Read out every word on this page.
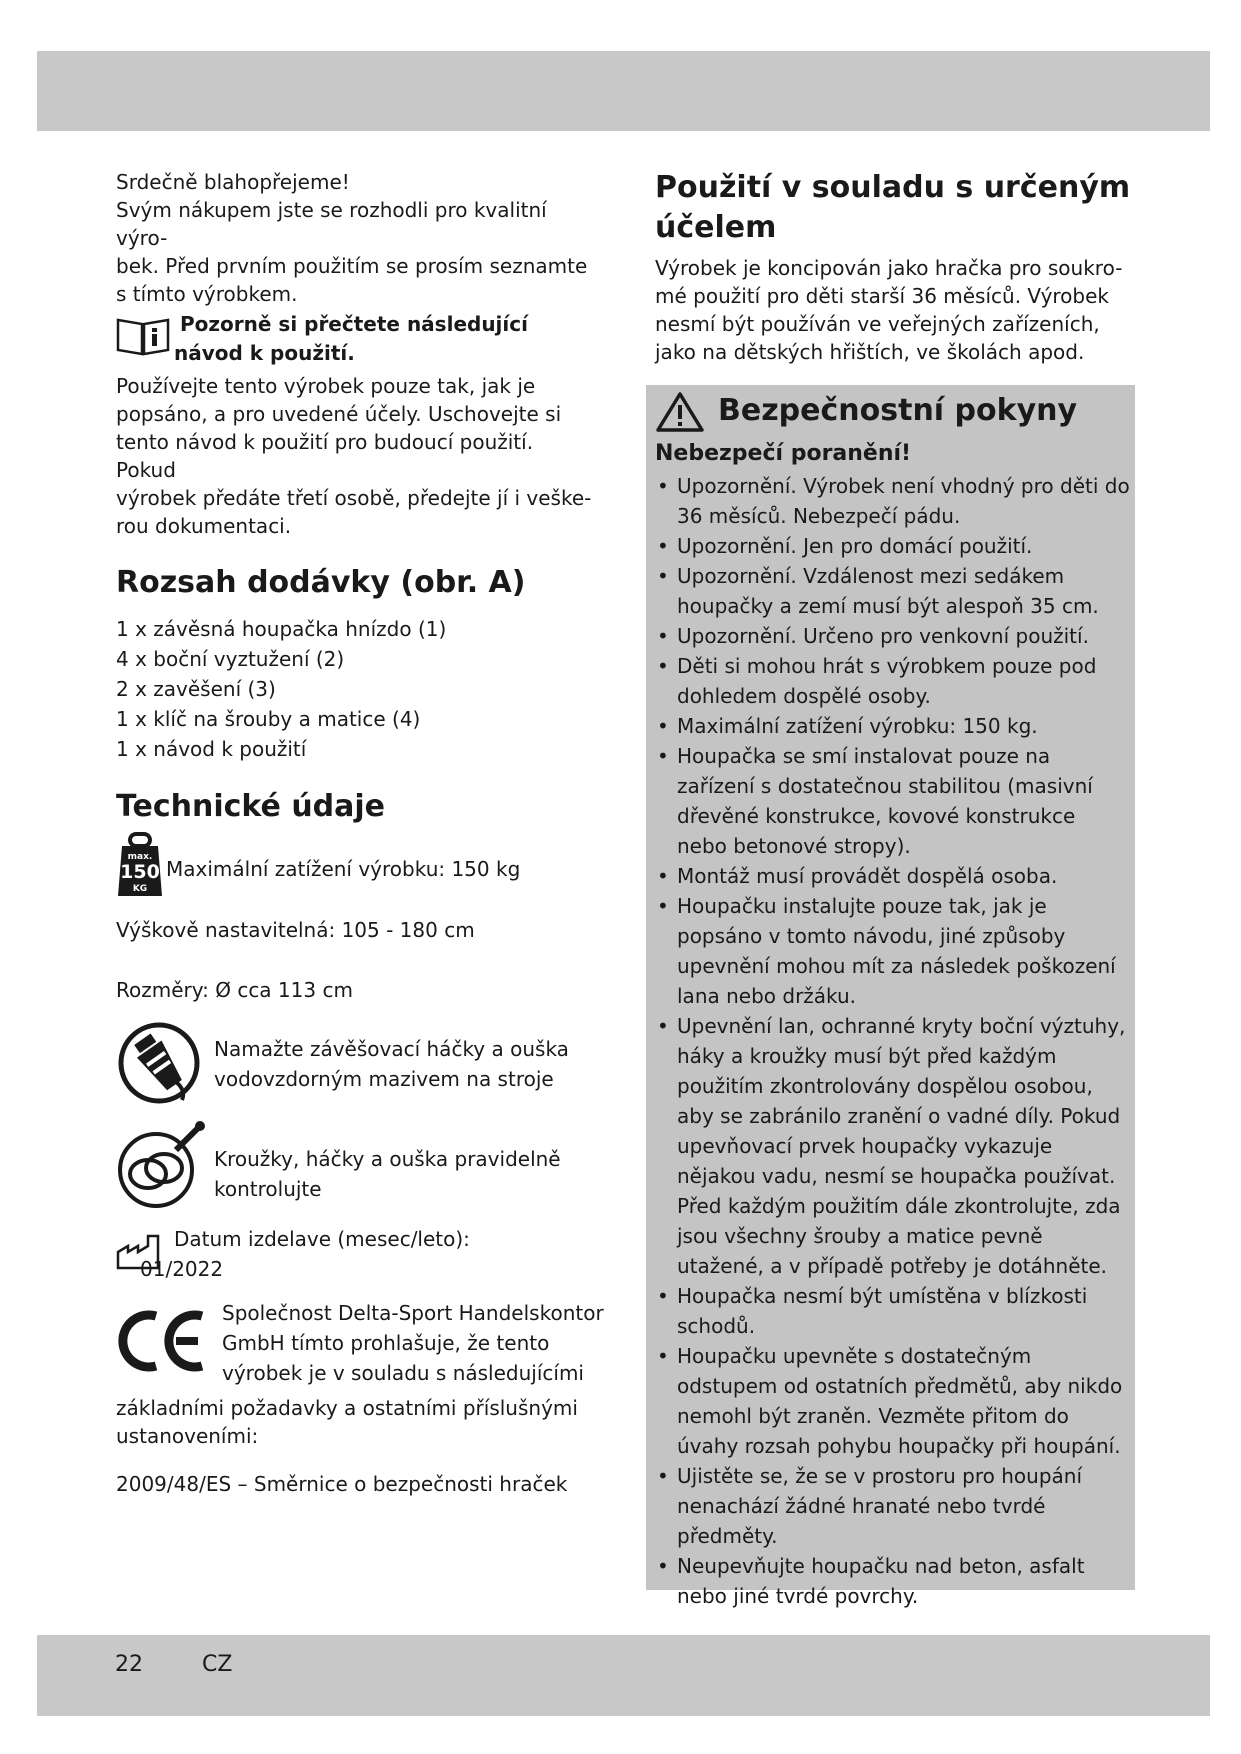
Srdečně blahopřejeme!

Svým nákupem jste se rozhodli pro kvalitní výro-

bek. Před prvním použitím se prosím seznamte

s tímto výrobkem.

Pozorně si přečtete následující
návod k použití.

Používejte tento výrobek pouze tak, jak je

popsáno, a pro uvedené účely. Uschovejte si

tento návod k použití pro budoucí použití. Pokud

výrobek předáte třetí osobě, předejte jí i veške-

rou dokumentaci.

Rozsah dodávky (obr. A)
1 x závěsná houpačka hnízdo (1)
4 x boční vyztužení (2)
2 x zavěšení (3)
1 x klíč na šrouby a matice (4)
1 x návod k použití
Technické údaje
max.
150
KG
Maximální zatížení výrobku: 150 kg

Výškově nastavitelná: 105 - 180 cm

Rozměry: Ø cca 113 cm

Namažte závěšovací háčky a ouška
vodovzdorným mazivem na stroje
Kroužky, háčky a ouška pravidelně
kontrolujte
Datum izdelave (mesec/leto):
01/2022
Společnost Delta-Sport Handelskontor
GmbH tímto prohlašuje, že tento
výrobek je v souladu s následujícími

základními požadavky a ostatními příslušnými

ustanoveními:

2009/48/ES – Směrnice o bezpečnosti hraček

Použití v souladu s určeným
účelem

Výrobek je koncipován jako hračka pro soukro-

mé použití pro děti starší 36 měsíců. Výrobek

nesmí být používán ve veřejných zařízeních,

jako na dětských hřištích, ve školách apod.

Bezpečnostní pokyny
Nebezpečí poranění!
• Upozornění. Výrobek není vhodný pro děti do 36 měsíců. Nebezpečí pádu.
• Upozornění. Jen pro domácí použití.
• Upozornění. Vzdálenost mezi sedákem houpačky a zemí musí být alespoň 35 cm.
• Upozornění. Určeno pro venkovní použití.
• Děti si mohou hrát s výrobkem pouze pod dohledem dospělé osoby.
• Maximální zatížení výrobku: 150 kg.
• Houpačka se smí instalovat pouze na zařízení s dostatečnou stabilitou (masivní dřevěné konstrukce, kovové konstrukce nebo betonové stropy).
• Montáž musí provádět dospělá osoba.
• Houpačku instalujte pouze tak, jak je popsáno v tomto návodu, jiné způsoby upevnění mohou mít za následek poškození lana nebo držáku.
• Upevnění lan, ochranné kryty boční výztuhy, háky a kroužky musí být před každým použitím zkontrolovány dospělou osobou, aby se zabránilo zranění o vadné díly. Pokud upevňovací prvek houpačky vykazuje nějakou vadu, nesmí se houpačka používat. Před každým použitím dále zkontrolujte, zda jsou všechny šrouby a matice pevně utažené, a v případě potřeby je dotáhněte.
• Houpačka nesmí být umístěna v blízkosti schodů.
• Houpačku upevněte s dostatečným odstupem od ostatních předmětů, aby nikdo nemohl být zraněn. Vezměte přitom do úvahy rozsah pohybu houpačky při houpání.
• Ujistěte se, že se v prostoru pro houpání nenachází žádné hranaté nebo tvrdé předměty.
• Neupevňujte houpačku nad beton, asfalt nebo jiné tvrdé povrchy.
22	CZ
